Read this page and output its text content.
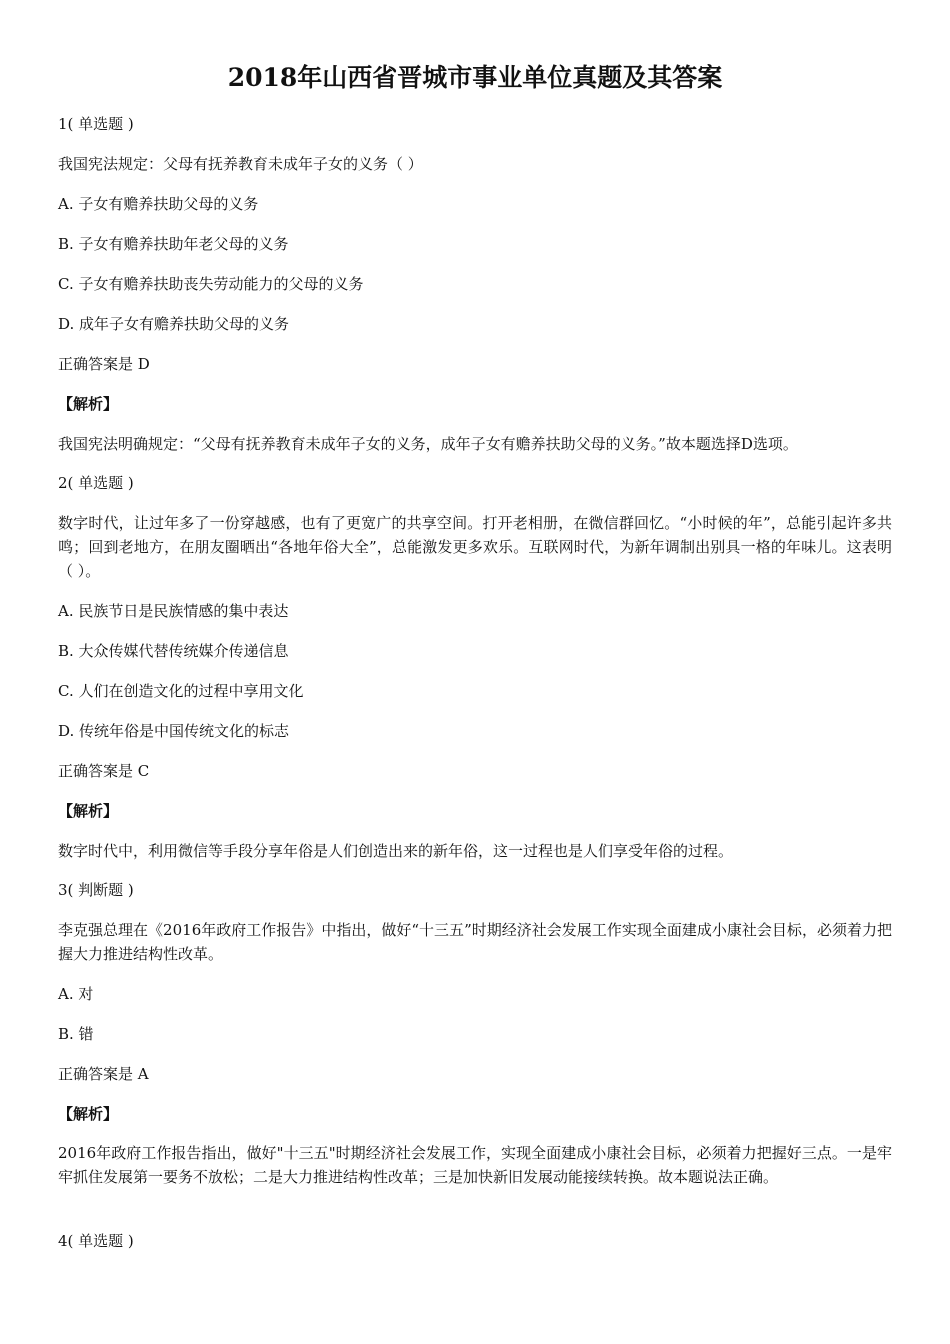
2018年山西省晋城市事业单位真题及其答案
1( 单选题 )
我国宪法规定：父母有抚养教育未成年子女的义务（ ）
A. 子女有赡养扶助父母的义务
B. 子女有赡养扶助年老父母的义务
C. 子女有赡养扶助丧失劳动能力的父母的义务
D. 成年子女有赡养扶助父母的义务
正确答案是 D
【解析】
我国宪法明确规定：“父母有抚养教育未成年子女的义务，成年子女有赡养扶助父母的义务。”故本题选择D选项。
2( 单选题 )
数字时代，让过年多了一份穿越感，也有了更宽广的共享空间。打开老相册，在微信群回忆。“小时候的年”，总能引起许多共鸣；回到老地方，在朋友圈晒出“各地年俗大全”，总能激发更多欢乐。互联网时代，为新年调制出别具一格的年味儿。这表明（ ）。
A. 民族节日是民族情感的集中表达
B. 大众传媒代替传统媒介传递信息
C. 人们在创造文化的过程中享用文化
D. 传统年俗是中国传统文化的标志
正确答案是 C
【解析】
数字时代中，利用微信等手段分享年俗是人们创造出来的新年俗，这一过程也是人们享受年俗的过程。
3( 判断题 )
李克强总理在《2016年政府工作报告》中指出，做好“十三五”时期经济社会发展工作实现全面建成小康社会目标，必须着力把握大力推进结构性改革。
A. 对
B. 错
正确答案是 A
【解析】
2016年政府工作报告指出，做好"十三五"时期经济社会发展工作，实现全面建成小康社会目标，必须着力把握好三点。一是牢牢抓住发展第一要务不放松；二是大力推进结构性改革；三是加快新旧发展动能接续转换。故本题说法正确。
4( 单选题 )
